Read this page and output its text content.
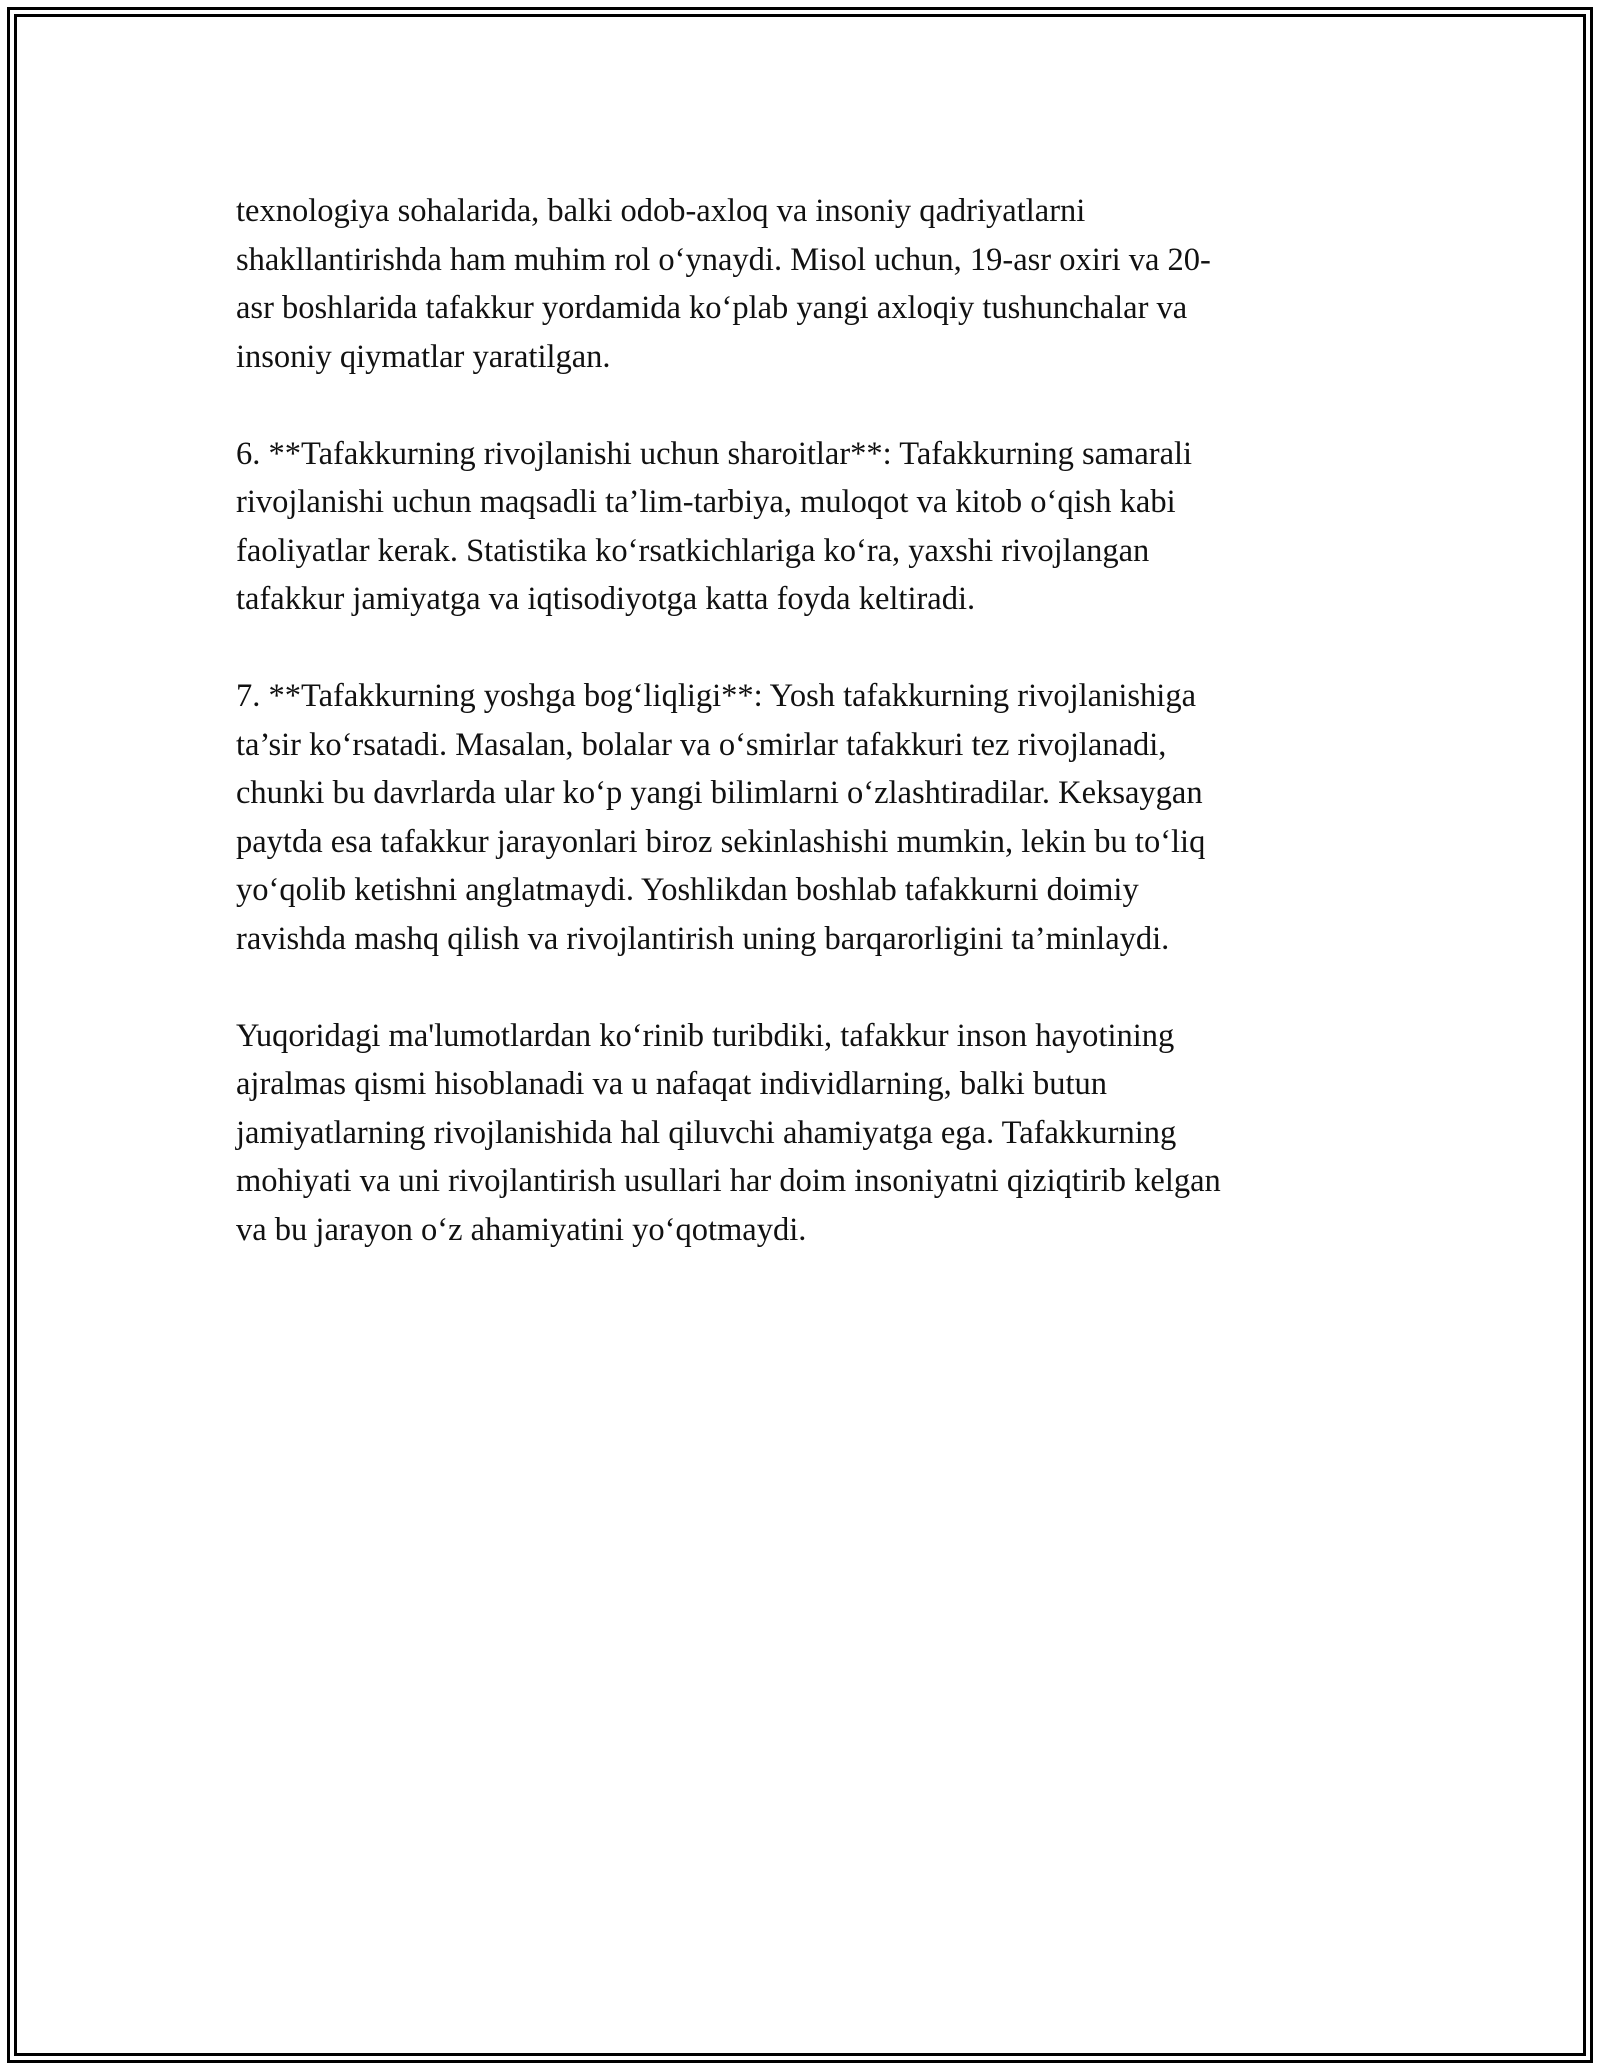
texnologiya sohalarida, balki odob-axloq va insoniy qadriyatlarni
shakllantirishda ham muhim rol o‘ynaydi. Misol uchun, 19-asr oxiri va 20-
asr boshlarida tafakkur yordamida ko‘plab yangi axloqiy tushunchalar va
insoniy qiymatlar yaratilgan.

6. **Tafakkurning rivojlanishi uchun sharoitlar**: Tafakkurning samarali
rivojlanishi uchun maqsadli ta’lim-tarbiya, muloqot va kitob o‘qish kabi
faoliyatlar kerak. Statistika ko‘rsatkichlariga ko‘ra, yaxshi rivojlangan
tafakkur jamiyatga va iqtisodiyotga katta foyda keltiradi.

7. **Tafakkurning yoshga bog‘liqligi**: Yosh tafakkurning rivojlanishiga
ta’sir ko‘rsatadi. Masalan, bolalar va o‘smirlar tafakkuri tez rivojlanadi,
chunki bu davrlarda ular ko‘p yangi bilimlarni o‘zlashtiradilar. Keksaygan
paytda esa tafakkur jarayonlari biroz sekinlashishi mumkin, lekin bu to‘liq
yo‘qolib ketishni anglatmaydi. Yoshlikdan boshlab tafakkurni doimiy
ravishda mashq qilish va rivojlantirish uning barqarorligini ta’minlaydi.

Yuqoridagi ma'lumotlardan ko‘rinib turibdiki, tafakkur inson hayotining
ajralmas qismi hisoblanadi va u nafaqat individlarning, balki butun
jamiyatlarning rivojlanishida hal qiluvchi ahamiyatga ega. Tafakkurning
mohiyati va uni rivojlantirish usullari har doim insoniyatni qiziqtirib kelgan
va bu jarayon o‘z ahamiyatini yo‘qotmaydi.
